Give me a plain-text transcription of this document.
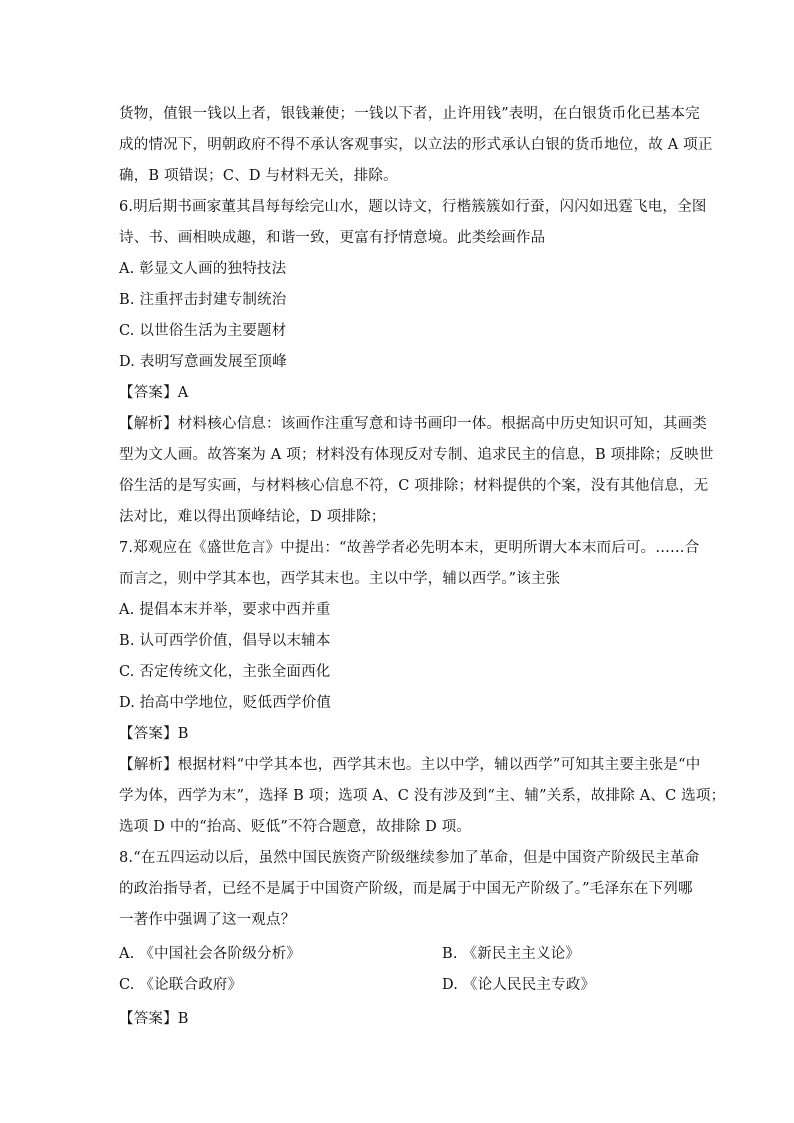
货物，值银一钱以上者，银钱兼使；一钱以下者，止许用钱”表明，在白银货币化已基本完
成的情况下，明朝政府不得不承认客观事实，以立法的形式承认白银的货币地位，故 A 项正
确，B 项错误；C、D 与材料无关，排除。
6.明后期书画家董其昌每每绘完山水，题以诗文，行楷簇簇如行蚕，闪闪如迅霆飞电，全图
诗、书、画相映成趣，和谐一致，更富有抒情意境。此类绘画作品
A. 彰显文人画的独特技法
B. 注重抨击封建专制统治
C. 以世俗生活为主要题材
D. 表明写意画发展至顶峰
【答案】A
【解析】材料核心信息：该画作注重写意和诗书画印一体。根据高中历史知识可知，其画类
型为文人画。故答案为 A 项；材料没有体现反对专制、追求民主的信息，B 项排除；反映世
俗生活的是写实画，与材料核心信息不符，C 项排除；材料提供的个案，没有其他信息，无
法对比，难以得出顶峰结论，D 项排除；
7.郑观应在《盛世危言》中提出：“故善学者必先明本末，更明所谓大本末而后可。……合
而言之，则中学其本也，西学其末也。主以中学，辅以西学。”该主张
A. 提倡本末并举，要求中西并重
B. 认可西学价值，倡导以末辅本
C. 否定传统文化，主张全面西化
D. 抬高中学地位，贬低西学价值
【答案】B
【解析】根据材料“中学其本也，西学其末也。主以中学，辅以西学”可知其主要主张是“中
学为体，西学为末”，选择 B 项；选项 A、C 没有涉及到“主、辅”关系，故排除 A、C 选项；
选项 D 中的“抬高、贬低”不符合题意，故排除 D 项。
8.“在五四运动以后，虽然中国民族资产阶级继续参加了革命，但是中国资产阶级民主革命
的政治指导者，已经不是属于中国资产阶级，而是属于中国无产阶级了。”毛泽东在下列哪
一著作中强调了这一观点？
A. 《中国社会各阶级分析》	B. 《新民主主义论》
C. 《论联合政府》	D. 《论人民民主专政》
【答案】B
